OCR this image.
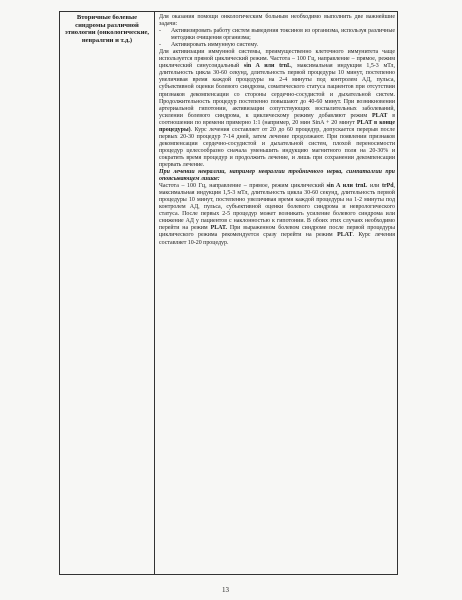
Вторичные болевые синдромы различной этиологии (онкологические, невралгии и т.д.)

Для оказания помощи онкологическим больным необходимо выполнить две важнейшие задачи:

-	Активизировать работу систем выведения токсинов из организма, используя различные методики очищения организма;
-	Активировать иммунную систему.

Для активизации иммунной системы, преимущественно клеточного иммунитета чаще используется прямой циклический режим. Частота – 100 Гц, направление – прямое, режим циклический синусоидальный sin A или trnL, максимальная индукция 1,5-3 мТл, длительность цикла 30-60 секунд, длительность первой процедуры 10 минут, постепенно увеличивая время каждой процедуры на 2-4 минуты под контролем АД, пульса, субъективной оценки болевого синдрома, соматического статуса пациентов при отсутствии признаков декомпенсации со стороны сердечно-сосудистой и дыхательной систем. Продолжительность процедур постепенно повышают до 40-60 минут. При возникновении артериальной гипотонии, активизации сопутствующих воспалительных заболеваний, усилении болевого синдрома, к циклическому режиму добавляют режим PLAT в соотношении по времени примерно 1:1 (например, 20 мин SinA + 20 минут PLAT в конце процедуры). Курс лечения составляет от 20 до 60 процедур, допускается перерыв после первых 20-30 процедур 7-14 дней, затем лечение продолжают. При появлении признаков декомпенсации сердечно-сосудистой и дыхательной систем, плохой переносимости процедур целесообразно сначала уменьшить индукцию магнитного поля на 20-30% и сократить время процедур и продолжить лечение, и лишь при сохранении декомпенсации прервать лечение.

При лечении невралгии, например невралгии тройничного нерва, симпаталгии при опоясывающем лишае:

Частота – 100 Гц, направление – прямое, режим циклический sin A или trnL или trPd, максимальная индукция 1,5-3 мТл, длительность цикла 30-60 секунд, длительность первой процедуры 10 минут, постепенно увеличивая время каждой процедуры на 1-2 минуты под контролем АД, пульса, субъективной оценки болевого синдрома и неврологического статуса. После первых 2-5 процедур может возникать усиление болевого синдрома или снижение АД у пациентов с наклонностью к гипотонии. В обоих этих случаях необходимо перейти на режим PLAT. При выраженном болевом синдроме после первой процедуры циклического режима рекомендуется сразу перейти на режим PLAT. Курс лечения составляет 10-20 процедур.

13
